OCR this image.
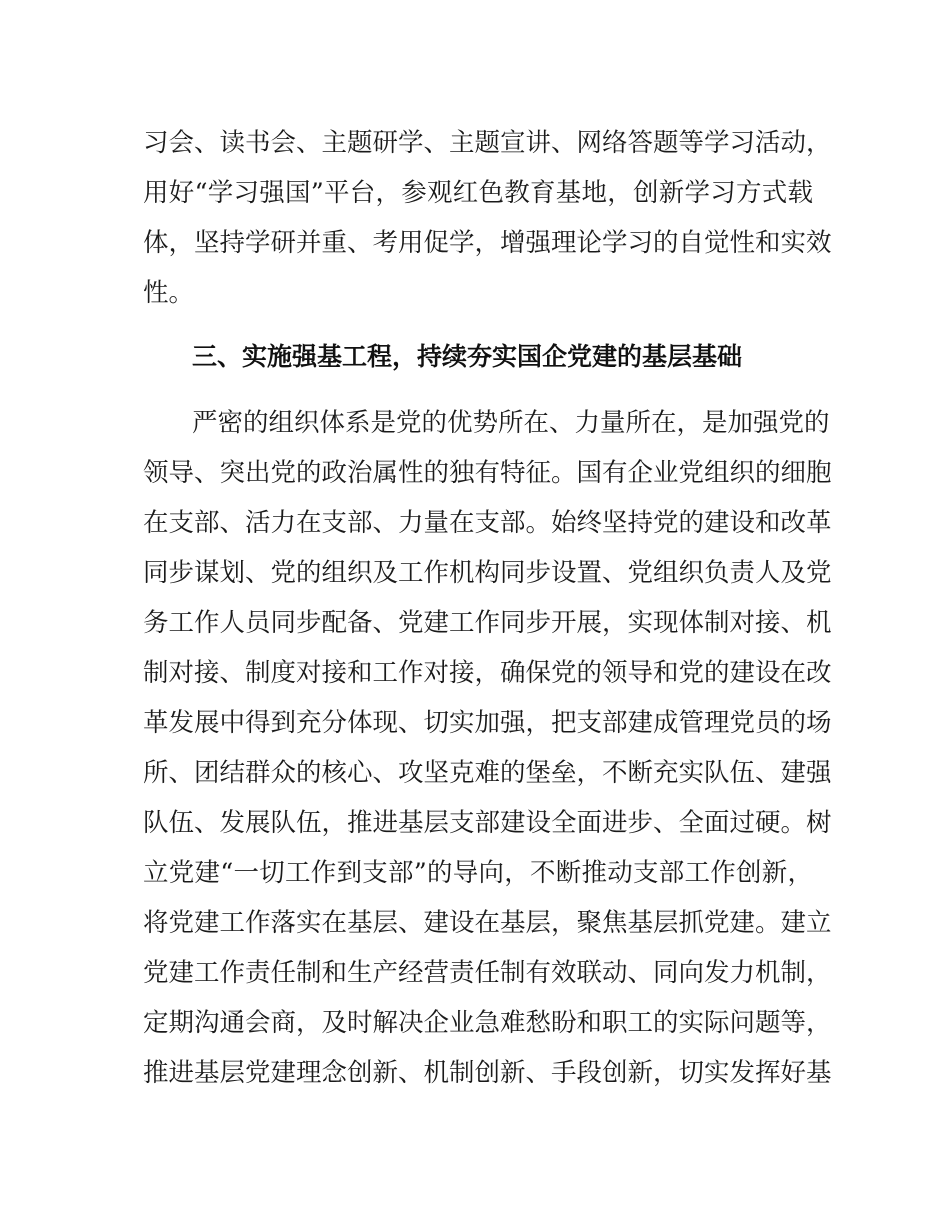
习会、读书会、主题研学、主题宣讲、网络答题等学习活动，
用好“学习强国”平台，参观红色教育基地，创新学习方式载
体，坚持学研并重、考用促学，增强理论学习的自觉性和实效
性。
三、实施强基工程，持续夯实国企党建的基层基础
严密的组织体系是党的优势所在、力量所在，是加强党的
领导、突出党的政治属性的独有特征。国有企业党组织的细胞
在支部、活力在支部、力量在支部。始终坚持党的建设和改革
同步谋划、党的组织及工作机构同步设置、党组织负责人及党
务工作人员同步配备、党建工作同步开展，实现体制对接、机
制对接、制度对接和工作对接，确保党的领导和党的建设在改
革发展中得到充分体现、切实加强，把支部建成管理党员的场
所、团结群众的核心、攻坚克难的堡垒，不断充实队伍、建强
队伍、发展队伍，推进基层支部建设全面进步、全面过硬。树
立党建“一切工作到支部”的导向，不断推动支部工作创新，
将党建工作落实在基层、建设在基层，聚焦基层抓党建。建立
党建工作责任制和生产经营责任制有效联动、同向发力机制，
定期沟通会商，及时解决企业急难愁盼和职工的实际问题等，
推进基层党建理念创新、机制创新、手段创新，切实发挥好基
